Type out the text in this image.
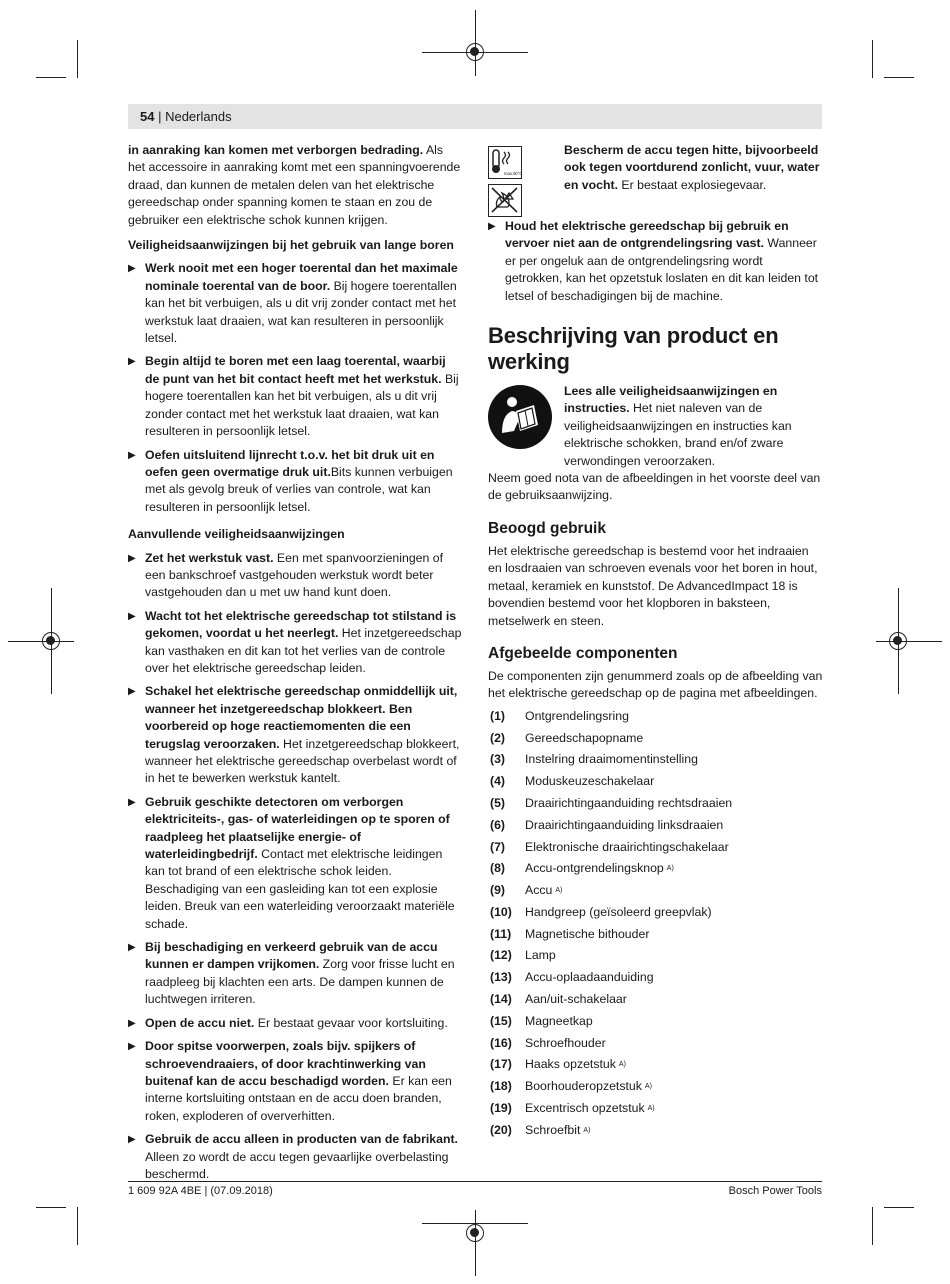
54 | Nederlands

in aanraking kan komen met verborgen bedrading. Als het accessoire in aanraking komt met een spanningvoerende draad, dan kunnen de metalen delen van het elektrische gereedschap onder spanning komen te staan en zou de gebruiker een elektrische schok kunnen krijgen.

Veiligheidsaanwijzingen bij het gebruik van lange boren

▶ Werk nooit met een hoger toerental dan het maximale nominale toerental van de boor. Bij hogere toerentallen kan het bit verbuigen, als u dit vrij zonder contact met het werkstuk laat draaien, wat kan resulteren in persoonlijk letsel.
▶ Begin altijd te boren met een laag toerental, waarbij de punt van het bit contact heeft met het werkstuk. Bij hogere toerentallen kan het bit verbuigen, als u dit vrij zonder contact met het werkstuk laat draaien, wat kan resulteren in persoonlijk letsel.
▶ Oefen uitsluitend lijnrecht t.o.v. het bit druk uit en oefen geen overmatige druk uit.Bits kunnen verbuigen met als gevolg breuk of verlies van controle, wat kan resulteren in persoonlijk letsel.

Aanvullende veiligheidsaanwijzingen

▶ Zet het werkstuk vast. Een met spanvoorzieningen of een bankschroef vastgehouden werkstuk wordt beter vastgehouden dan u met uw hand kunt doen.
▶ Wacht tot het elektrische gereedschap tot stilstand is gekomen, voordat u het neerlegt. Het inzetgereedschap kan vasthaken en dit kan tot het verlies van de controle over het elektrische gereedschap leiden.
▶ Schakel het elektrische gereedschap onmiddellijk uit, wanneer het inzetgereedschap blokkeert. Ben voorbereid op hoge reactiemomenten die een terugslag veroorzaken. Het inzetgereedschap blokkeert, wanneer het elektrische gereedschap overbelast wordt of in het te bewerken werkstuk kantelt.
▶ Gebruik geschikte detectoren om verborgen elektriciteits-, gas- of waterleidingen op te sporen of raadpleeg het plaatselijke energie- of waterleidingbedrijf. Contact met elektrische leidingen kan tot brand of een elektrische schok leiden. Beschadiging van een gasleiding kan tot een explosie leiden. Breuk van een waterleiding veroorzaakt materiële schade.
▶ Bij beschadiging en verkeerd gebruik van de accu kunnen er dampen vrijkomen. Zorg voor frisse lucht en raadpleeg bij klachten een arts. De dampen kunnen de luchtwegen irriteren.
▶ Open de accu niet. Er bestaat gevaar voor kortsluiting.
▶ Door spitse voorwerpen, zoals bijv. spijkers of schroevendraaiers, of door krachtinwerking van buitenaf kan de accu beschadigd worden. Er kan een interne kortsluiting ontstaan en de accu doen branden, roken, exploderen of oververhitten.
▶ Gebruik de accu alleen in producten van de fabrikant. Alleen zo wordt de accu tegen gevaarlijke overbelasting beschermd.
max.50°C

Bescherm de accu tegen hitte, bijvoorbeeld ook tegen voortdurend zonlicht, vuur, water en vocht. Er bestaat explosiegevaar.

▶ Houd het elektrische gereedschap bij gebruik en vervoer niet aan de ontgrendelingsring vast. Wanneer er per ongeluk aan de ontgrendelingsring wordt getrokken, kan het opzetstuk loslaten en dit kan leiden tot letsel of beschadigingen bij de machine.
Beschrijving van product en werking

Lees alle veiligheidsaanwijzingen en instructies. Het niet naleven van de veiligheidsaanwijzingen en instructies kan elektrische schokken, brand en/of zware verwondingen veroorzaken.

Neem goed nota van de afbeeldingen in het voorste deel van de gebruiksaanwijzing.

Beoogd gebruik

Het elektrische gereedschap is bestemd voor het indraaien en losdraaien van schroeven evenals voor het boren in hout, metaal, keramiek en kunststof. De AdvancedImpact 18 is bovendien bestemd voor het klopboren in baksteen, metselwerk en steen.

Afgebeelde componenten

De componenten zijn genummerd zoals op de afbeelding van het elektrische gereedschap op de pagina met afbeeldingen.

(1)	Ontgrendelingsring
(2)	Gereedschapopname
(3)	Instelring draaimomentinstelling
(4)	Moduskeuzeschakelaar
(5)	Draairichtingaanduiding rechtsdraaien
(6)	Draairichtingaanduiding linksdraaien
(7)	Elektronische draairichtingschakelaar
(8)	Accu-ontgrendelingsknop A)
(9)	Accu A)
(10)	Handgreep (geïsoleerd greepvlak)
(11)	Magnetische bithouder
(12)	Lamp
(13)	Accu-oplaadaanduiding
(14)	Aan/uit-schakelaar
(15)	Magneetkap
(16)	Schroefhouder
(17)	Haaks opzetstuk A)
(18)	Boorhouderopzetstuk A)
(19)	Excentrisch opzetstuk A)
(20)	Schroefbit A)
1 609 92A 4BE | (07.09.2018)	Bosch Power Tools
